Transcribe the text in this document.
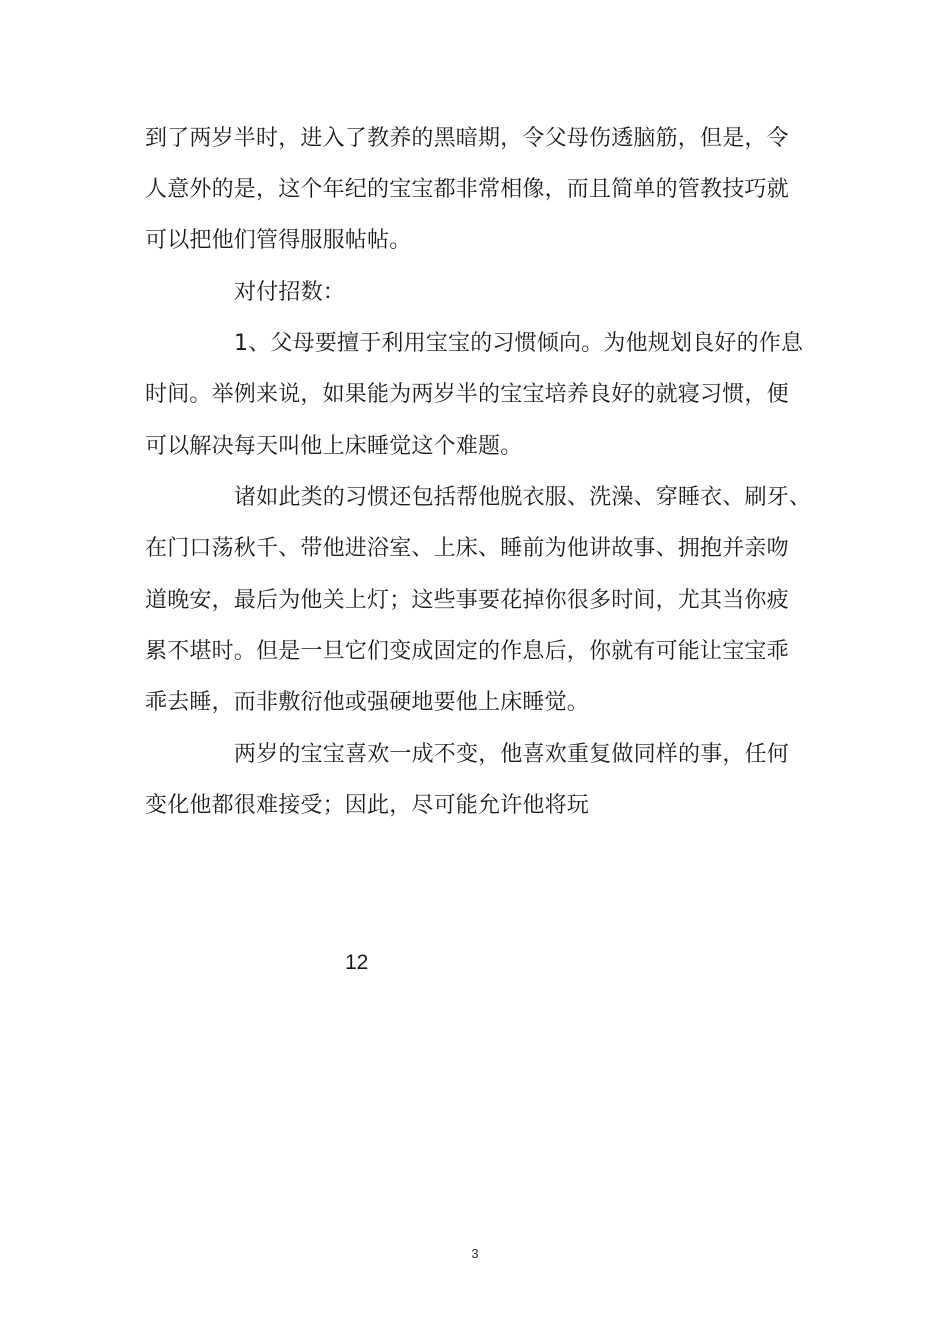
到了两岁半时，进入了教养的黑暗期，令父母伤透脑筋，但是，令
人意外的是，这个年纪的宝宝都非常相像，而且简单的管教技巧就
可以把他们管得服服帖帖。
对付招数：
1、父母要擅于利用宝宝的习惯倾向。为他规划良好的作息
时间。举例来说，如果能为两岁半的宝宝培养良好的就寝习惯，便
可以解决每天叫他上床睡觉这个难题。
诸如此类的习惯还包括帮他脱衣服、洗澡、穿睡衣、刷牙、
在门口荡秋千、带他进浴室、上床、睡前为他讲故事、拥抱并亲吻
道晚安，最后为他关上灯；这些事要花掉你很多时间，尤其当你疲
累不堪时。但是一旦它们变成固定的作息后，你就有可能让宝宝乖
乖去睡，而非敷衍他或强硬地要他上床睡觉。
两岁的宝宝喜欢一成不变，他喜欢重复做同样的事，任何
变化他都很难接受；因此，尽可能允许他将玩
12
3
